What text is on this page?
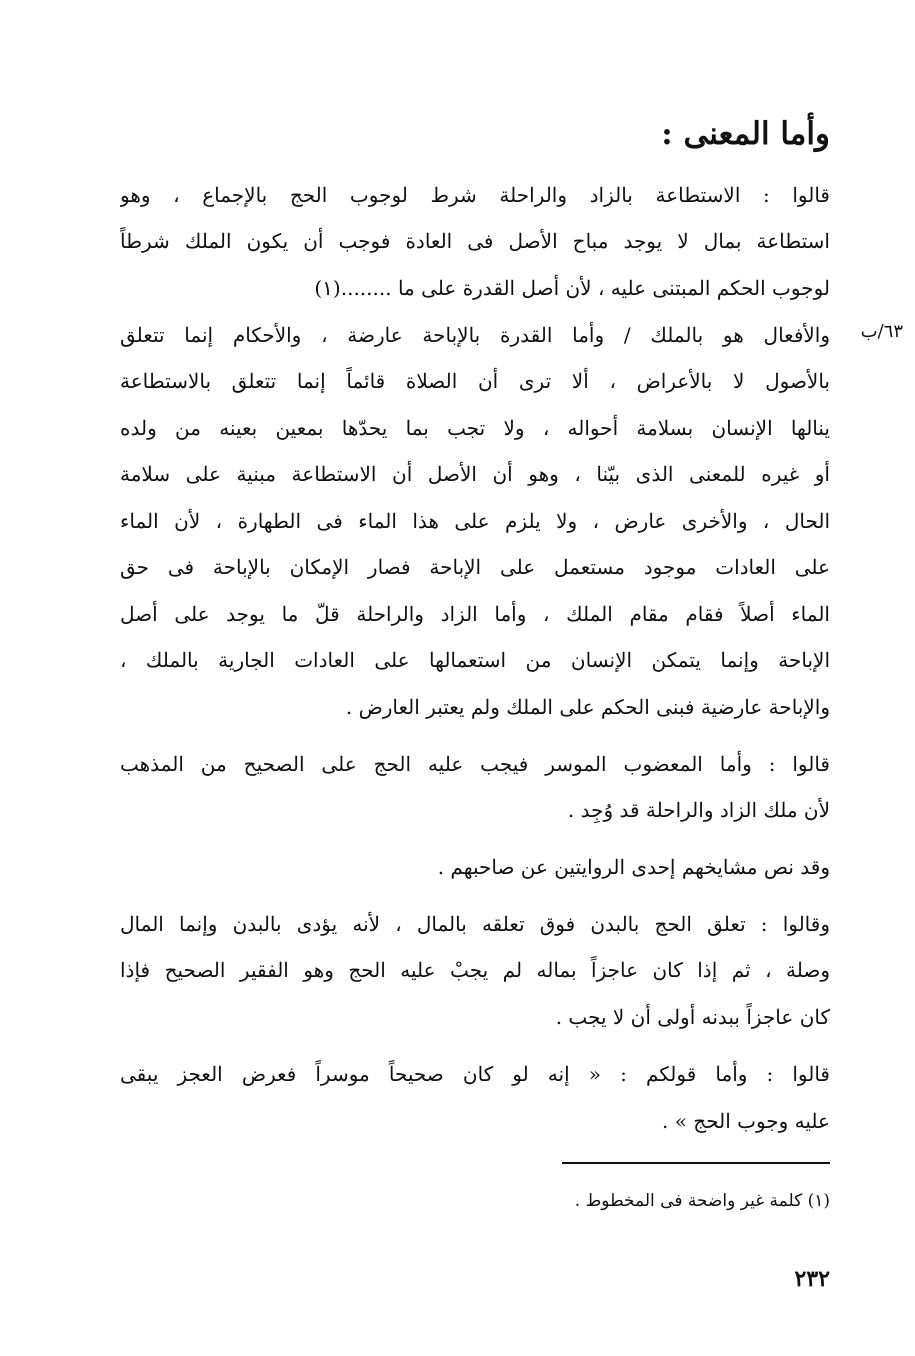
وأما المعنى :
٦٣/ب
قالوا : الاستطاعة بالزاد والراحلة شرط لوجوب الحج بالإجماع ، وهو
استطاعة بمال لا يوجد مباح الأصل فى العادة فوجب أن يكون الملك شرطاً
لوجوب الحكم المبتنى عليه ، لأن أصل القدرة على ما ........(١)
والأفعال هو بالملك / وأما القدرة بالإباحة عارضة ، والأحكام إنما تتعلق
بالأصول لا بالأعراض ، ألا ترى أن الصلاة قائماً إنما تتعلق بالاستطاعة
ينالها الإنسان بسلامة أحواله ، ولا تجب بما يحدّها بمعين بعينه من ولده
أو غيره للمعنى الذى بيّنا ، وهو أن الأصل أن الاستطاعة مبنية على سلامة
الحال ، والأخرى عارض ، ولا يلزم على هذا الماء فى الطهارة ، لأن الماء
على العادات موجود مستعمل على الإباحة فصار الإمكان بالإباحة فى حق
الماء أصلاً فقام مقام الملك ، وأما الزاد والراحلة قلّ ما يوجد على أصل
الإباحة وإنما يتمكن الإنسان من استعمالها على العادات الجارية بالملك ،
والإباحة عارضية فبنى الحكم على الملك ولم يعتبر العارض .
قالوا : وأما المعضوب الموسر فيجب عليه الحج على الصحيح من المذهب
لأن ملك الزاد والراحلة قد وُجِد .
وقد نص مشايخهم إحدى الروايتين عن صاحبهم .
وقالوا : تعلق الحج بالبدن فوق تعلقه بالمال ، لأنه يؤدى بالبدن وإنما المال
وصلة ، ثم إذا كان عاجزاً بماله لم يجبْ عليه الحج وهو الفقير الصحيح فإذا
كان عاجزاً ببدنه أولى أن لا يجب .
قالوا : وأما قولكم : « إنه لو كان صحيحاً موسراً فعرض العجز يبقى
عليه وجوب الحج » .
(١) كلمة غير واضحة فى المخطوط .
٢٣٢
